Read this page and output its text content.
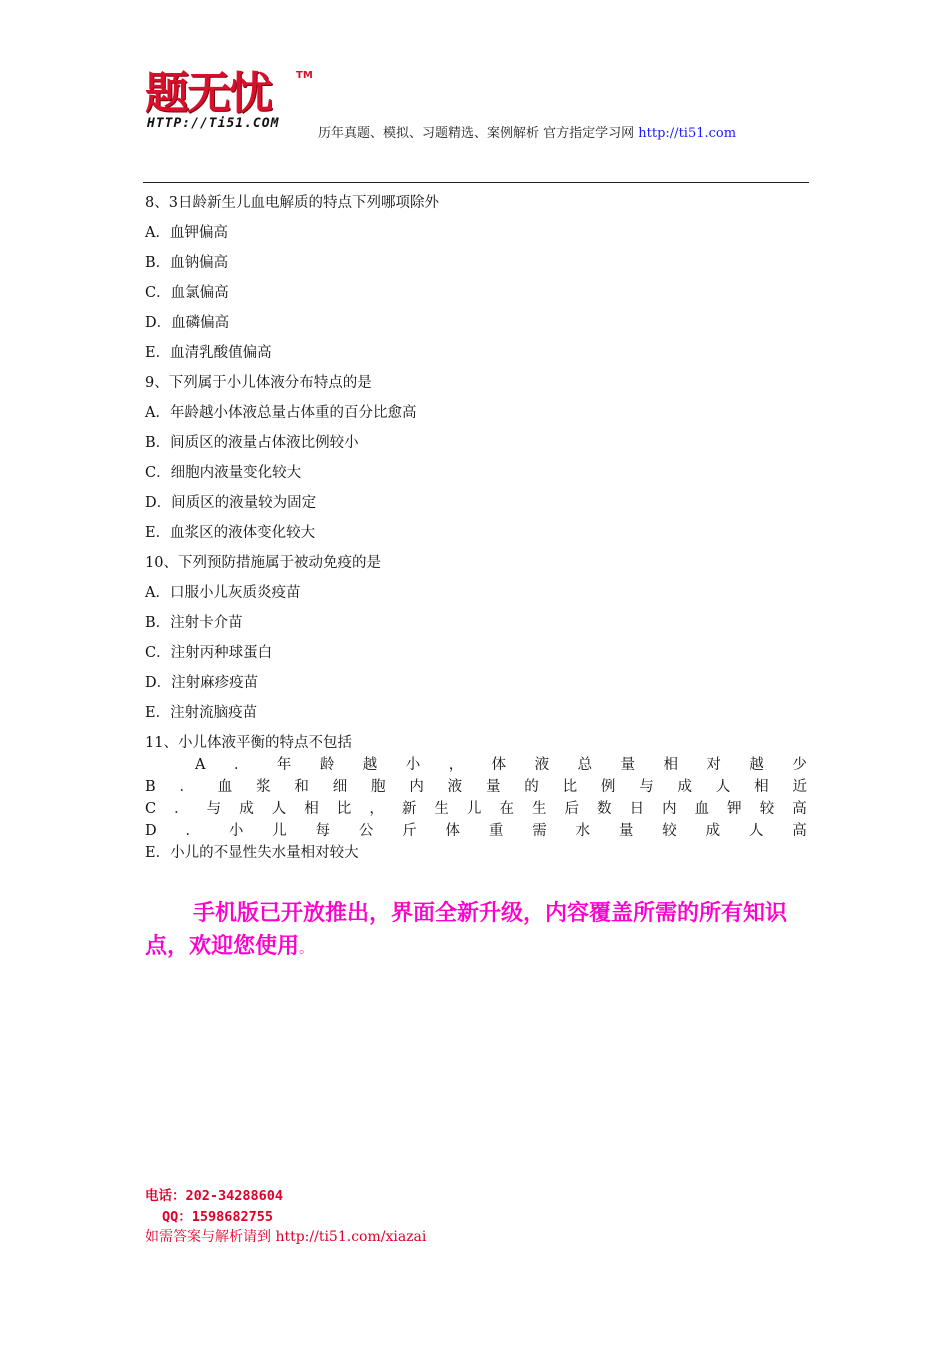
题无忧	TM
HTTP://Ti51.COM
历年真题、模拟、习题精选、案例解析 官方指定学习网 http://ti51.com
8、3日龄新生儿血电解质的特点下列哪项除外
A．血钾偏高
B．血钠偏高
C．血氯偏高
D．血磷偏高
E．血清乳酸值偏高
9、下列属于小儿体液分布特点的是
A．年龄越小体液总量占体重的百分比愈高
B．间质区的液量占体液比例较小
C．细胞内液量变化较大
D．间质区的液量较为固定
E．血浆区的液体变化较大
10、下列预防措施属于被动免疫的是
A．口服小儿灰质炎疫苗
B．注射卡介苗
C．注射丙种球蛋白
D．注射麻疹疫苗
E．注射流脑疫苗
11、小儿体液平衡的特点不包括
A ． 年 龄 越 小 ， 体 液 总 量 相 对 越 少
B ． 血 浆 和 细 胞 内 液 量 的 比 例 与 成 人 相 近
C ． 与 成 人 相 比 ， 新 生 儿 在 生 后 数 日 内 血 钾 较 高
D ． 小 儿 每 公 斤 体 重 需 水 量 较 成 人 高
E．小儿的不显性失水量相对较大
手机版已开放推出，界面全新升级，内容覆盖所需的所有知识点，欢迎您使用。
电话：202-34288604
QQ：1598682755
如需答案与解析请到 http://ti51.com/xiazai
